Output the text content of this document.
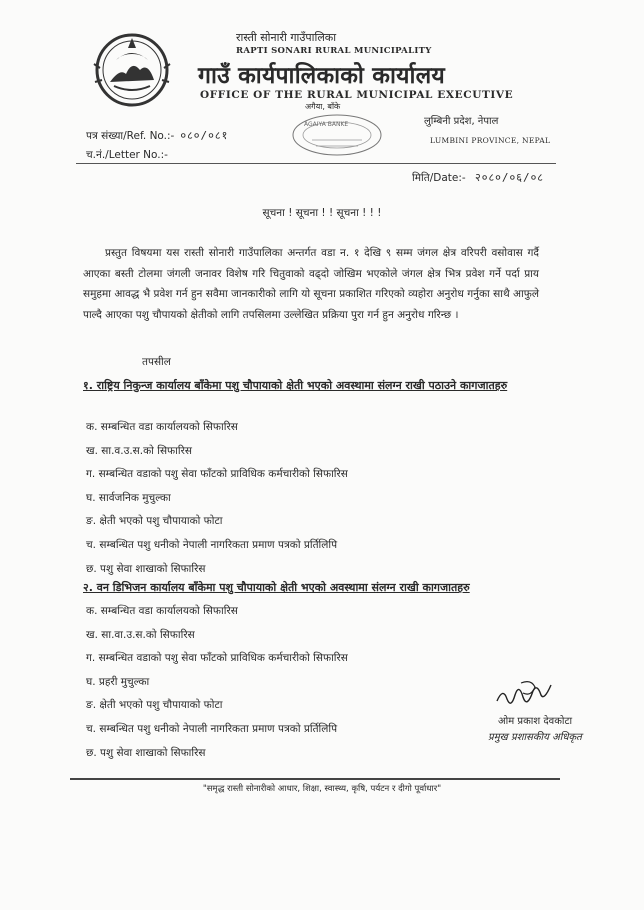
रास्ती सोनारी गाउँपालिका
RAPTI SONARI RURAL MUNICIPALITY
गाउँ कार्यपालिकाको कार्यालय
OFFICE OF THE RURAL MUNICIPAL EXECUTIVE
अगैया, बाँके
AGAIYA BANKE	लुम्बिनी प्रदेश, नेपाल
LUMBINI PROVINCE, NEPAL
पत्र संख्या/Ref. No.:- ०८०/०८१
च.नं./Letter No.:-
मिति/Date:- २०८०/०६/०८
सूचना ! सूचना ! ! सूचना ! ! !
प्रस्तुत विषयमा यस रास्ती सोनारी गाउँपालिका अन्तर्गत वडा न. १ देखि ९ सम्म जंगल क्षेत्र वरिपरी वसोवास गर्दै आएका बस्ती टोलमा जंगली जनावर विशेष गरि चितुवाको वढ्दो जोखिम भएकोले जंगल क्षेत्र भित्र प्रवेश गर्ने पर्दा प्राय समुहमा आवद्ध भै प्रवेश गर्न हुन सवैमा जानकारीको लागि यो सूचना प्रकाशित गरिएको व्यहोरा अनुरोध गर्नुका साथै आफुले पाल्दै आएका पशु चौपायको क्षेतीको लागि तपसिलमा उल्लेखित प्रक्रिया पुरा गर्न हुन अनुरोध गरिन्छ ।
तपसील
१. राष्ट्रिय निकुन्ज कार्यालय बाँकेमा पशु चौपायाको क्षेती भएको अवस्थामा संलग्न राखी पठाउने कागजातहरु
क. सम्बन्धित वडा कार्यालयको सिफारिस
ख. सा.व.उ.स.को सिफारिस
ग. सम्बन्धित वडाको पशु सेवा फाँटको प्राविधिक कर्मचारीको सिफारिस
घ. सार्वजनिक मुचुल्का
ङ. क्षेती भएको पशु चौपायाको फोटा
च. सम्बन्धित पशु धनीको नेपाली नागरिकता प्रमाण पत्रको प्रर्तिलिपि
छ. पशु सेवा शाखाको सिफारिस
२. वन डिभिजन कार्यालय बाँकेमा पशु चौपायाको क्षेती भएको अवस्थामा संलग्न राखी कागजातहरु
क. सम्बन्धित वडा कार्यालयको सिफारिस
ख. सा.वा.उ.स.को सिफारिस
ग. सम्बन्धित वडाको पशु सेवा फाँटको प्राविधिक कर्मचारीको सिफारिस
घ. प्रहरी मुचुल्का
ङ. क्षेती भएको पशु चौपायाको फोटा
च. सम्बन्धित पशु धनीको नेपाली नागरिकता प्रमाण पत्रको प्रर्तिलिपि
छ. पशु सेवा शाखाको सिफारिस
ओम प्रकाश देवकोटा
प्रमुख प्रशासकीय अधिकृत
"समृद्ध रास्ती सोनारीको आधार, शिक्षा, स्वास्थ्य, कृषि, पर्यटन र दीगो पूर्वाधार"
